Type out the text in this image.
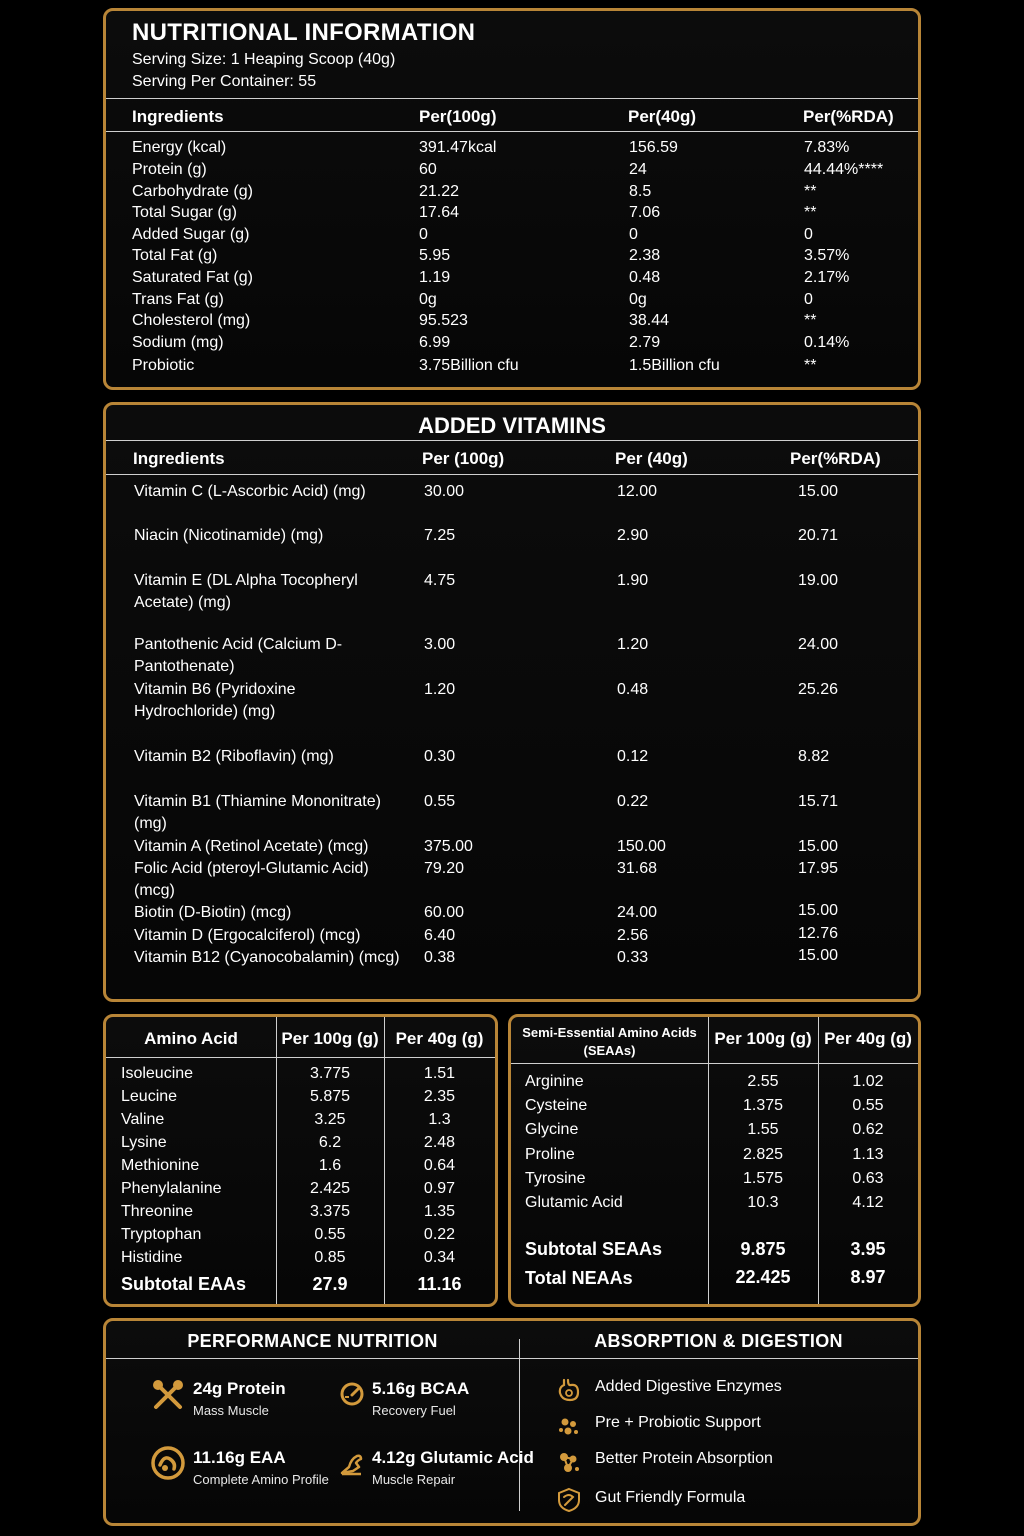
NUTRITIONAL INFORMATION
Serving Size: 1 Heaping Scoop (40g)
Serving Per Container: 55
Ingredients	Per(100g)	Per(40g)	Per(%RDA)
Energy (kcal)	391.47kcal	156.59	7.83%
Protein (g)	60	24	44.44%****
Carbohydrate (g)	21.22	8.5	**
Total Sugar (g)	17.64	7.06	**
Added Sugar (g)	0	0	0
Total Fat (g)	5.95	2.38	3.57%
Saturated Fat (g)	1.19	0.48	2.17%
Trans Fat (g)	0g	0g	0
Cholesterol (mg)	95.523	38.44	**
Sodium (mg)	6.99	2.79	0.14%
Probiotic	3.75Billion cfu	1.5Billion cfu	**
ADDED VITAMINS
Ingredients	Per (100g)	Per (40g)	Per(%RDA)
Vitamin C (L-Ascorbic Acid) (mg)	30.00	12.00	15.00
Niacin (Nicotinamide) (mg)	7.25	2.90	20.71
Vitamin E (DL Alpha Tocopheryl Acetate) (mg)
4.75	1.90	19.00
Pantothenic Acid (Calcium D-Pantothenate)
3.00	1.20	24.00
Vitamin B6 (Pyridoxine Hydrochloride) (mg)
1.20	0.48	25.26
Vitamin B2 (Riboflavin) (mg)	0.30	0.12	8.82
Vitamin B1 (Thiamine Mononitrate) (mg)
0.55	0.22	15.71
Vitamin A (Retinol Acetate) (mcg)	375.00	150.00	15.00
Folic Acid (pteroyl-Glutamic Acid) (mcg)
79.20	31.68	17.95
Biotin (D-Biotin) (mcg)	60.00	24.00	15.00
Vitamin D (Ergocalciferol) (mcg)	6.40	2.56	12.76
Vitamin B12 (Cyanocobalamin) (mcg) 0.38	0.33	15.00
Amino Acid	Per 100g (g) Per 40g (g)
Isoleucine	3.775	1.51
Leucine	5.875	2.35
Valine	3.25	1.3
Lysine	6.2	2.48
Methionine	1.6	0.64
Phenylalanine	2.425	0.97
Threonine	3.375	1.35
Tryptophan	0.55	0.22
Histidine	0.85	0.34
Subtotal EAAs	27.9	11.16
Semi-Essential Amino Acids
(SEAAs)
Per 100g (g) Per 40g (g)
Arginine	2.55	1.02
Cysteine	1.375	0.55
Glycine	1.55	0.62
Proline	2.825	1.13
Tyrosine	1.575	0.63
Glutamic Acid	10.3	4.12
Subtotal SEAAs	9.875	3.95
Total NEAAs	22.425	8.97
PERFORMANCE NUTRITION	ABSORPTION & DIGESTION
24g Protein
Mass Muscle
5.16g BCAA
Recovery Fuel
11.16g EAA
Complete Amino Profile
4.12g Glutamic Acid
Muscle Repair
Added Digestive Enzymes
Pre + Probiotic Support
Better Protein Absorption
Gut Friendly Formula
